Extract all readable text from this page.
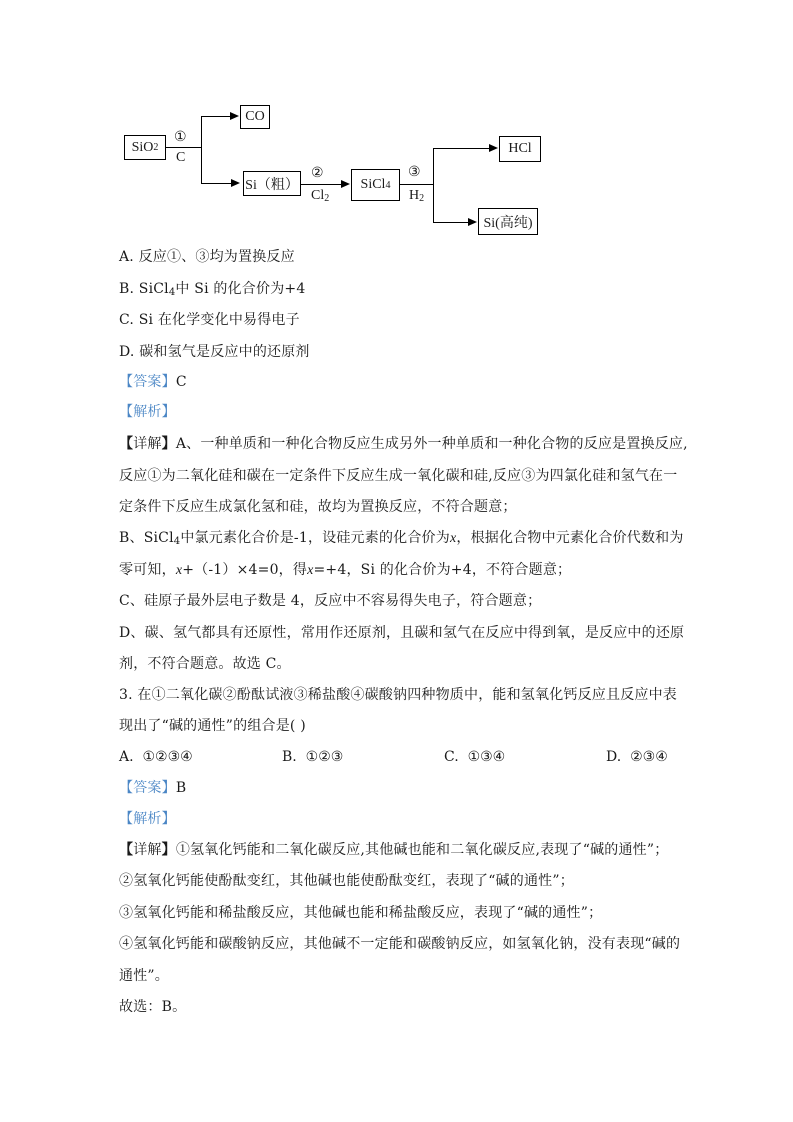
SiO 2
①
C
CO
Si（粗）
②
$Cl_2$
SiCl 4
③
$H_2$
HCl
Si(高纯)
A. 反应①、③均为置换反应
B. SiCl$_4$中 Si 的化合价为+4
C. Si 在化学变化中易得电子
D. 碳和氢气是反应中的还原剂
【答案】C
【解析】
【详解】A、一种单质和一种化合物反应生成另外一种单质和一种化合物的反应是置换反应,
反应①为二氧化硅和碳在一定条件下反应生成一氧化碳和硅,反应③为四氯化硅和氢气在一
定条件下反应生成氯化氢和硅，故均为置换反应，不符合题意；
B、SiCl$_4$中氯元素化合价是-1，设硅元素的化合价为x，根据化合物中元素化合价代数和为
零可知，x+（-1）×4=0，得x=+4，Si 的化合价为+4，不符合题意；
C、硅原子最外层电子数是 4，反应中不容易得失电子，符合题意；
D、碳、氢气都具有还原性，常用作还原剂，且碳和氢气在反应中得到氧，是反应中的还原
剂，不符合题意。故选 C。
3. 在①二氧化碳②酚酞试液③稀盐酸④碳酸钠四种物质中，能和氢氧化钙反应且反应中表
现出了“碱的通性”的组合是( )
A. ①②③④	B. ①②③	C. ①③④	D. ②③④
【答案】B
【解析】
【详解】①氢氧化钙能和二氧化碳反应,其他碱也能和二氧化碳反应,表现了“碱的通性”；
②氢氧化钙能使酚酞变红，其他碱也能使酚酞变红，表现了“碱的通性”；
③氢氧化钙能和稀盐酸反应，其他碱也能和稀盐酸反应，表现了“碱的通性”；
④氢氧化钙能和碳酸钠反应，其他碱不一定能和碳酸钠反应，如氢氧化钠，没有表现“碱的
通性”。
故选：B。
